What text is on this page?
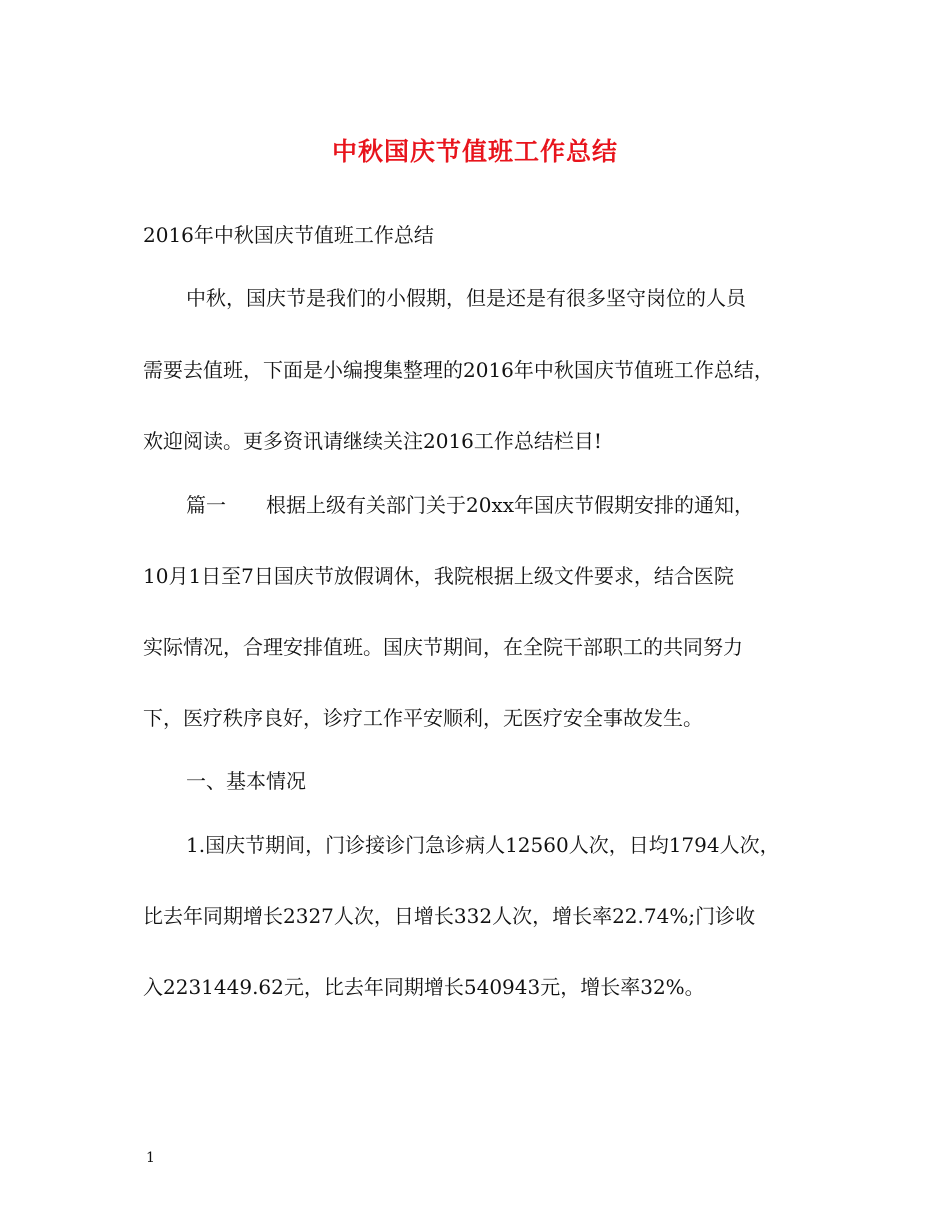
中秋国庆节值班工作总结
2016年中秋国庆节值班工作总结
中秋，国庆节是我们的小假期，但是还是有很多坚守岗位的人员
需要去值班，下面是小编搜集整理的2016年中秋国庆节值班工作总结，
欢迎阅读。更多资讯请继续关注2016工作总结栏目!
篇一　　根据上级有关部门关于20xx年国庆节假期安排的通知，
10月1日至7日国庆节放假调休，我院根据上级文件要求，结合医院
实际情况，合理安排值班。国庆节期间，在全院干部职工的共同努力
下，医疗秩序良好，诊疗工作平安顺利，无医疗安全事故发生。
一、基本情况
1.国庆节期间，门诊接诊门急诊病人12560人次，日均1794人次，
比去年同期增长2327人次，日增长332人次，增长率22.74%;门诊收
入2231449.62元，比去年同期增长540943元，增长率32%。
1
